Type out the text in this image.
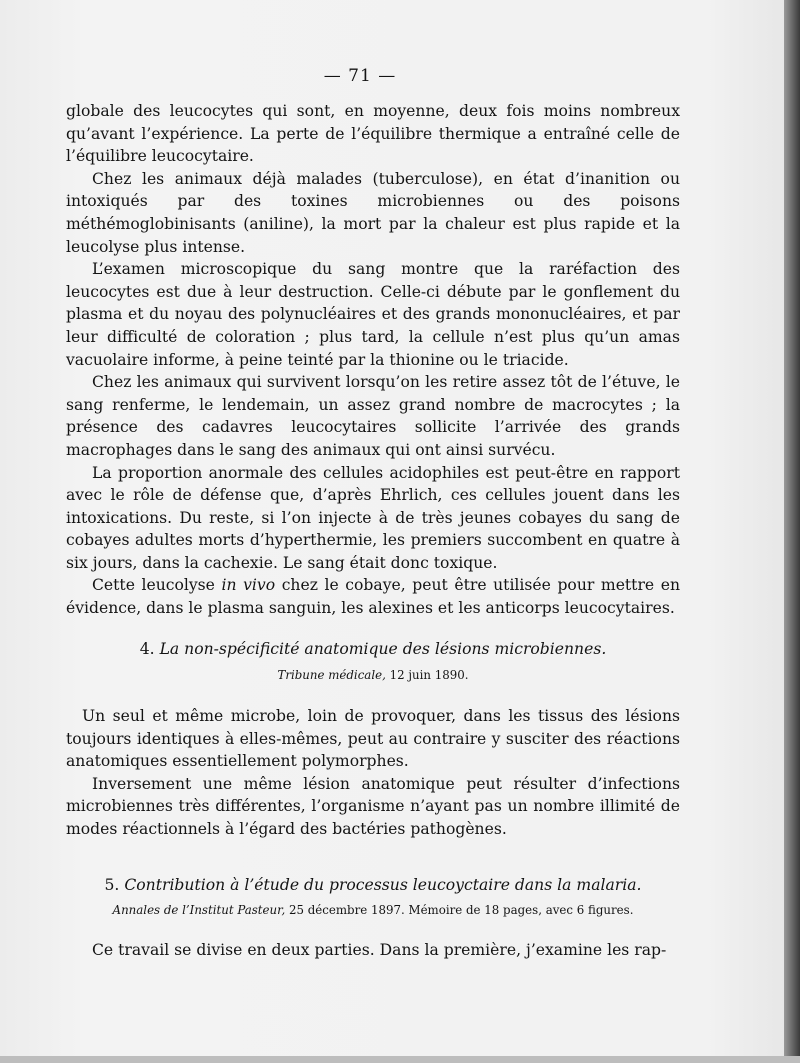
— 71 —

globale des leucocytes qui sont, en moyenne, deux fois moins nombreux qu’avant l’expérience. La perte de l’équilibre thermique a entraîné celle de l’équilibre leucocytaire.

Chez les animaux déjà malades (tuberculose), en état d’inanition ou intoxiqués par des toxines microbiennes ou des poisons méthémoglobinisants (aniline), la mort par la chaleur est plus rapide et la leucolyse plus intense.

L’examen microscopique du sang montre que la raréfaction des leucocytes est due à leur destruction. Celle-ci débute par le gonflement du plasma et du noyau des polynucléaires et des grands mononucléaires, et par leur difficulté de coloration ; plus tard, la cellule n’est plus qu’un amas vacuolaire informe, à peine teinté par la thionine ou le triacide.

Chez les animaux qui survivent lorsqu’on les retire assez tôt de l’étuve, le sang renferme, le lendemain, un assez grand nombre de macrocytes ; la présence des cadavres leucocytaires sollicite l’arrivée des grands macrophages dans le sang des animaux qui ont ainsi survécu.

La proportion anormale des cellules acidophiles est peut-être en rapport avec le rôle de défense que, d’après Ehrlich, ces cellules jouent dans les intoxications. Du reste, si l’on injecte à de très jeunes cobayes du sang de cobayes adultes morts d’hyperthermie, les premiers succombent en quatre à six jours, dans la cachexie. Le sang était donc toxique.

Cette leucolyse in vivo chez le cobaye, peut être utilisée pour mettre en évidence, dans le plasma sanguin, les alexines et les anticorps leucocytaires.

4. La non-spécificité anatomique des lésions microbiennes.
Tribune médicale, 12 juin 1890.

Un seul et même microbe, loin de provoquer, dans les tissus des lésions toujours identiques à elles-mêmes, peut au contraire y susciter des réactions anatomiques essentiellement polymorphes.

Inversement une même lésion anatomique peut résulter d’infections microbiennes très différentes, l’organisme n’ayant pas un nombre illimité de modes réactionnels à l’égard des bactéries pathogènes.

5. Contribution à l’étude du processus leucoyctaire dans la malaria.
Annales de l’Institut Pasteur, 25 décembre 1897. Mémoire de 18 pages, avec 6 figures.

Ce travail se divise en deux parties. Dans la première, j’examine les rap-
